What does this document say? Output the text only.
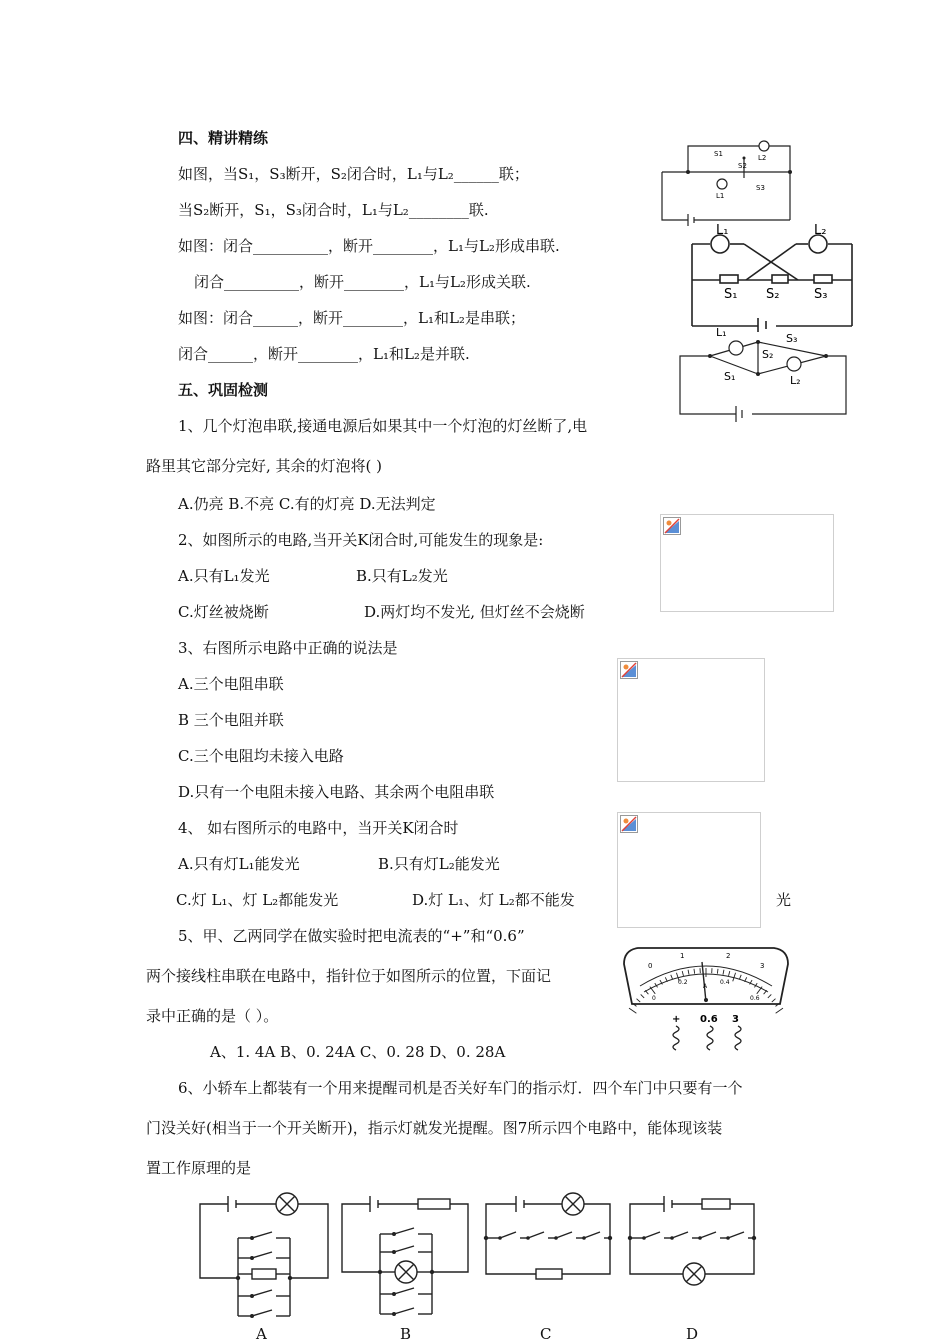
四、精讲精练
如图，当S₁，S₃断开，S₂闭合时，L₁与L₂______联；
当S₂断开，S₁，S₃闭合时，L₁与L₂________联.
如图：闭合__________，断开________，L₁与L₂形成串联.
闭合__________，断开________，L₁与L₂形成关联.
如图：闭合______，断开________，L₁和L₂是串联；
闭合______，断开________，L₁和L₂是并联.
S1
S2
S3
L1
L2
L₁	L₂
S₁ S₂	S₃
L₁	S₃
S₂
S₁	L₂
五、巩固检测
1、几个灯泡串联,接通电源后如果其中一个灯泡的灯丝断了,电
路里其它部分完好, 其余的灯泡将( )
A.仍亮 B.不亮 C.有的灯亮 D.无法判定
2、如图所示的电路,当开关K闭合时,可能发生的现象是:
A.只有L₁发光	B.只有L₂发光
C.灯丝被烧断	D.两灯均不发光, 但灯丝不会烧断
3、右图所示电路中正确的说法是
A.三个电阻串联
B 三个电阻并联
C.三个电阻均未接入电路
D.只有一个电阻未接入电路、其余两个电阻串联
4、 如右图所示的电路中，当开关K闭合时
A.只有灯L₁能发光	B.只有灯L₂能发光
C.灯 L₁、灯 L₂都能发光	D.灯 L₁、灯 L₂都不能发	光
5、甲、乙两同学在做实验时把电流表的“+”和“0.6”
两个接线柱串联在电路中，指针位于如图所示的位置，下面记
录中正确的是（ ）。
A、1. 4A B、0. 24A C、0. 28 D、0. 28A
0
1	2
3
0
0.2	0.4
0.6
A
+ 0.6 3
6、小轿车上都装有一个用来提醒司机是否关好车门的指示灯．四个车门中只要有一个
门没关好(相当于一个开关断开)，指示灯就发光提醒。图7所示四个电路中，能体现该装
置工作原理的是
A	B	C	D
